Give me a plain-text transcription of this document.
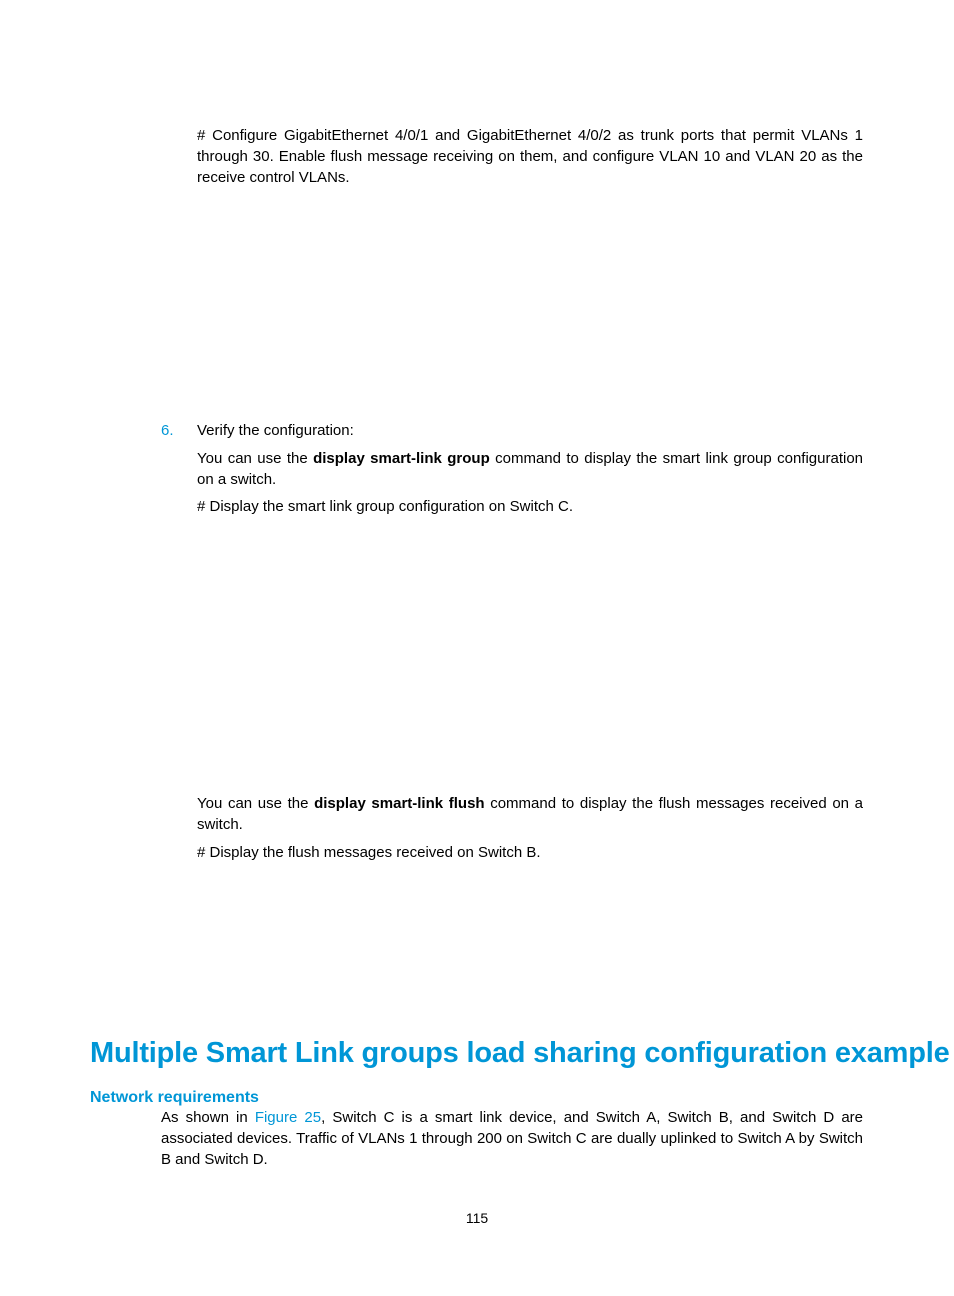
# Configure GigabitEthernet 4/0/1 and GigabitEthernet 4/0/2 as trunk ports that permit VLANs 1 through 30. Enable flush message receiving on them, and configure VLAN 10 and VLAN 20 as the receive control VLANs.

6. Verify the configuration:

You can use the display smart-link group command to display the smart link group configuration on a switch.

# Display the smart link group configuration on Switch C.

You can use the display smart-link flush command to display the flush messages received on a switch.

# Display the flush messages received on Switch B.

Multiple Smart Link groups load sharing configuration example
Network requirements

As shown in Figure 25, Switch C is a smart link device, and Switch A, Switch B, and Switch D are associated devices. Traffic of VLANs 1 through 200 on Switch C are dually uplinked to Switch A by Switch B and Switch D.

115
